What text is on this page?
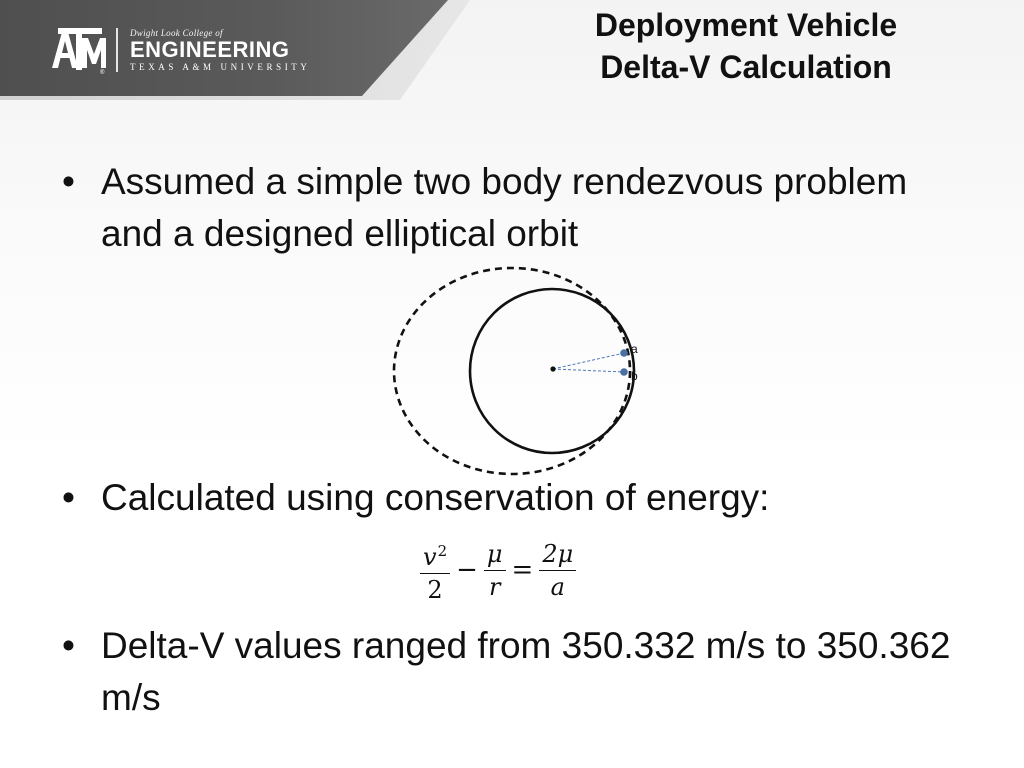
®
Dwight Look College of
ENGINEERING
TEXAS A&M UNIVERSITY
Deployment Vehicle
Delta-V Calculation
• Assumed a simple two body rendezvous problem and a designed elliptical orbit
a
b
• Calculated using conservation of energy:
$\frac{v^2}{2} - \frac{\mu}{r} = \frac{2\mu}{a}$
• Delta-V values ranged from 350.332 m/s to 350.362 m/s
